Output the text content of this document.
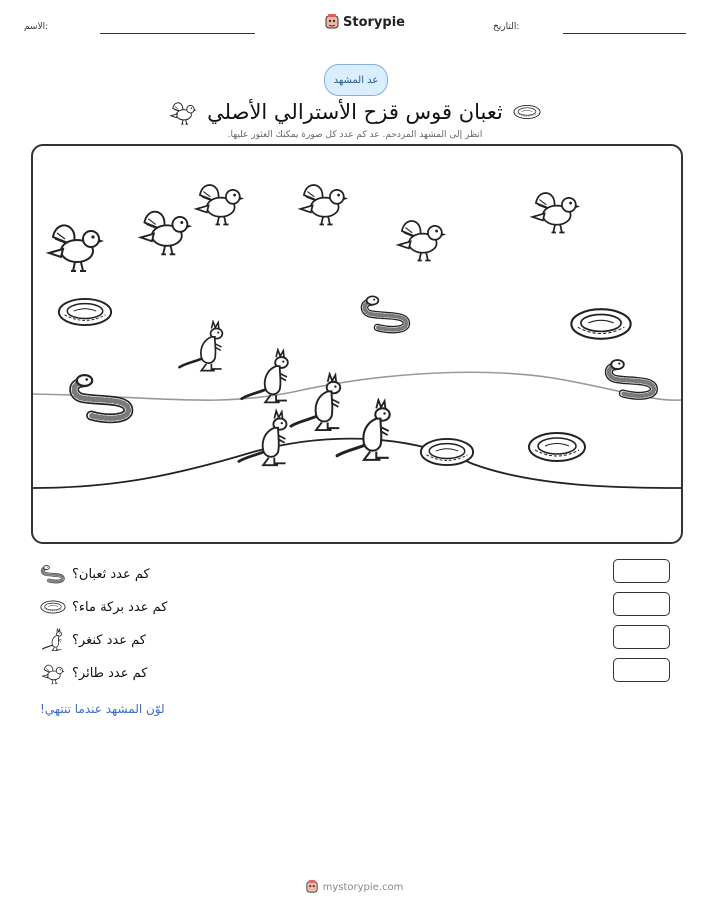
الاسم:	Storypie	التاريخ:
عد المشهد
ثعبان قوس قزح الأسترالي الأصلي
انظر إلى المشهد المزدحم. عد كم عدد كل صورة يمكنك العثور عليها.
كم عدد ثعبان؟
كم عدد بركة ماء؟
كم عدد كنغر؟
كم عدد طائر؟
لوّن المشهد عندما تنتهي!
mystorypie.com
